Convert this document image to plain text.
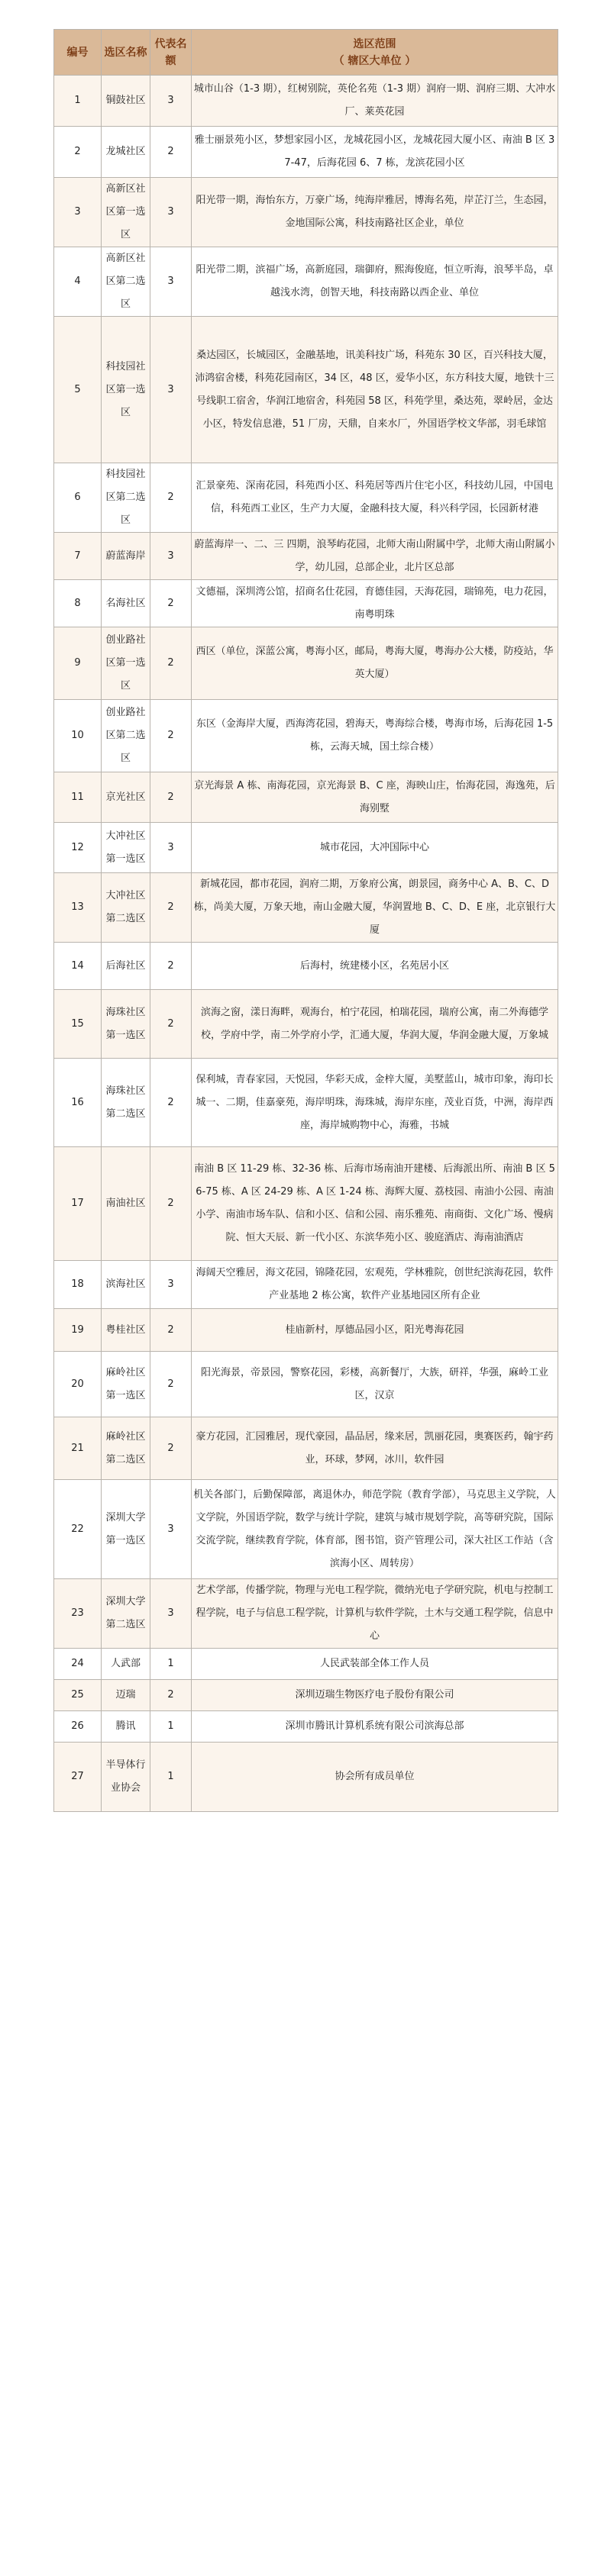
编号	选区名称	代表名额	选区范围
（ 辖区大单位 ）

1	铜鼓社区	3	城市山谷（1-3 期），红树别院，英伦名苑（1-3 期）润府一期、润府三期、大冲水厂、莱英花园
2	龙城社区	2	雅士丽景苑小区，梦想家园小区，龙城花园小区，龙城花园大厦小区、南油 B 区 37-47，后海花园 6、7 栋，龙滨花园小区
3	高新区社区第一选区	3	阳光带一期，海怡东方，万豪广场，纯海岸雅居，博海名苑，岸芷汀兰，生态园，金地国际公寓，科技南路社区企业，单位
4	高新区社区第二选区	3	阳光带二期，滨福广场，高新庭园，瑞御府，熙海俊庭，恒立听海，浪琴半岛，卓越浅水湾，创智天地，科技南路以西企业、单位
5	科技园社区第一选区	3	桑达园区，长城园区，金融基地，讯美科技广场，科苑东 30 区，百兴科技大厦，沛鸿宿舍楼，科苑花园南区，34 区，48 区，爱华小区，东方科技大厦，地铁十三号线职工宿舍，华润江地宿舍，科苑园 58 区，科苑学里，桑达苑，翠岭居，金达小区，特发信息港，51 厂房，天鼎，自来水厂，外国语学校文华部，羽毛球馆
6	科技园社区第二选区	2	汇景豪苑、深南花园，科苑西小区、科苑居等西片住宅小区，科技幼儿园，中国电信，科苑西工业区，生产力大厦，金融科技大厦，科兴科学园，长园新材港
7	蔚蓝海岸	3	蔚蓝海岸一、二、三 四期，浪琴屿花园，北师大南山附属中学，北师大南山附属小学，幼儿园，总部企业，北片区总部
8	名海社区	2	文德福，深圳湾公馆，招商名仕花园，育德佳园，天海花园，瑞锦苑，电力花园，南粤明珠
9	创业路社区第一选区	2	西区（单位，深蓝公寓，粤海小区，邮局，粤海大厦，粤海办公大楼，防疫站，华英大厦）
10	创业路社区第二选区	2	东区（金海岸大厦，西海湾花园，碧海天，粤海综合楼，粤海市场，后海花园 1-5 栋，云海天城，国土综合楼）
11	京光社区	2	京光海景 A 栋、南海花园，京光海景 B、C 座，海映山庄，怡海花园，海逸苑，后海别墅
12	大冲社区第一选区	3	城市花园，大冲国际中心
13	大冲社区第二选区	2	新城花园，都市花园，润府二期，万象府公寓，朗景园，商务中心 A、B、C、D 栋，尚美大厦，万象天地，南山金融大厦，华润置地 B、C、D、E 座，北京银行大厦
14	后海社区	2	后海村，统建楼小区，名苑居小区
15	海珠社区第一选区	2	滨海之窗，漾日海畔，观海台，柏宁花园，柏瑞花园，瑞府公寓，南二外海德学校，学府中学，南二外学府小学，汇通大厦，华润大厦，华润金融大厦，万象城
16	海珠社区第二选区	2	保利城，青春家园，天悦园，华彩天成，金梓大厦，美墅蓝山，城市印象，海印长城一、二期，佳嘉豪苑，海岸明珠，海珠城，海岸东座，茂业百货，中洲，海岸西座，海岸城购物中心，海雅，书城
17	南油社区	2	南油 B 区 11-29 栋、32-36 栋、后海市场南油开建楼、后海派出所、南油 B 区 56-75 栋、A 区 24-29 栋、A 区 1-24 栋、海辉大厦、荔枝园、南油小公园、南油小学、南油市场车队、信和小区、信和公园、南乐雅苑、南商街、文化广场、慢病院、恒大天辰、新一代小区、东滨华苑小区、骏庭酒店、海南油酒店
18	滨海社区	3	海阔天空雅居，海文花园，锦隆花园，宏观苑，学林雅院，创世纪滨海花园，软件产业基地 2 栋公寓，软件产业基地园区所有企业
19	粤桂社区	2	桂庙新村，厚德品园小区，阳光粤海花园
20	麻岭社区第一选区	2	阳光海景，帝景园，警察花园，彩楼，高新餐厅，大族，研祥，华强，麻岭工业区，汉京
21	麻岭社区第二选区	2	豪方花园，汇园雅居，现代豪园，晶品居，缘来居，凯丽花园，奥赛医药，翰宇药业，环球，梦网，冰川，软件园
22	深圳大学第一选区	3	机关各部门，后勤保障部，离退休办，师范学院（教育学部），马克思主义学院，人文学院，外国语学院，数学与统计学院，建筑与城市规划学院，高等研究院，国际交流学院，继续教育学院，体育部，图书馆，资产管理公司，深大社区工作站（含滨海小区、周转房）
23	深圳大学第二选区	3	艺术学部，传播学院，物理与光电工程学院，微纳光电子学研究院，机电与控制工程学院，电子与信息工程学院，计算机与软件学院，土木与交通工程学院，信息中心
24	人武部	1	人民武装部全体工作人员
25	迈瑞	2	深圳迈瑞生物医疗电子股份有限公司
26	腾讯	1	深圳市腾讯计算机系统有限公司滨海总部
27	半导体行业协会	1	协会所有成员单位
